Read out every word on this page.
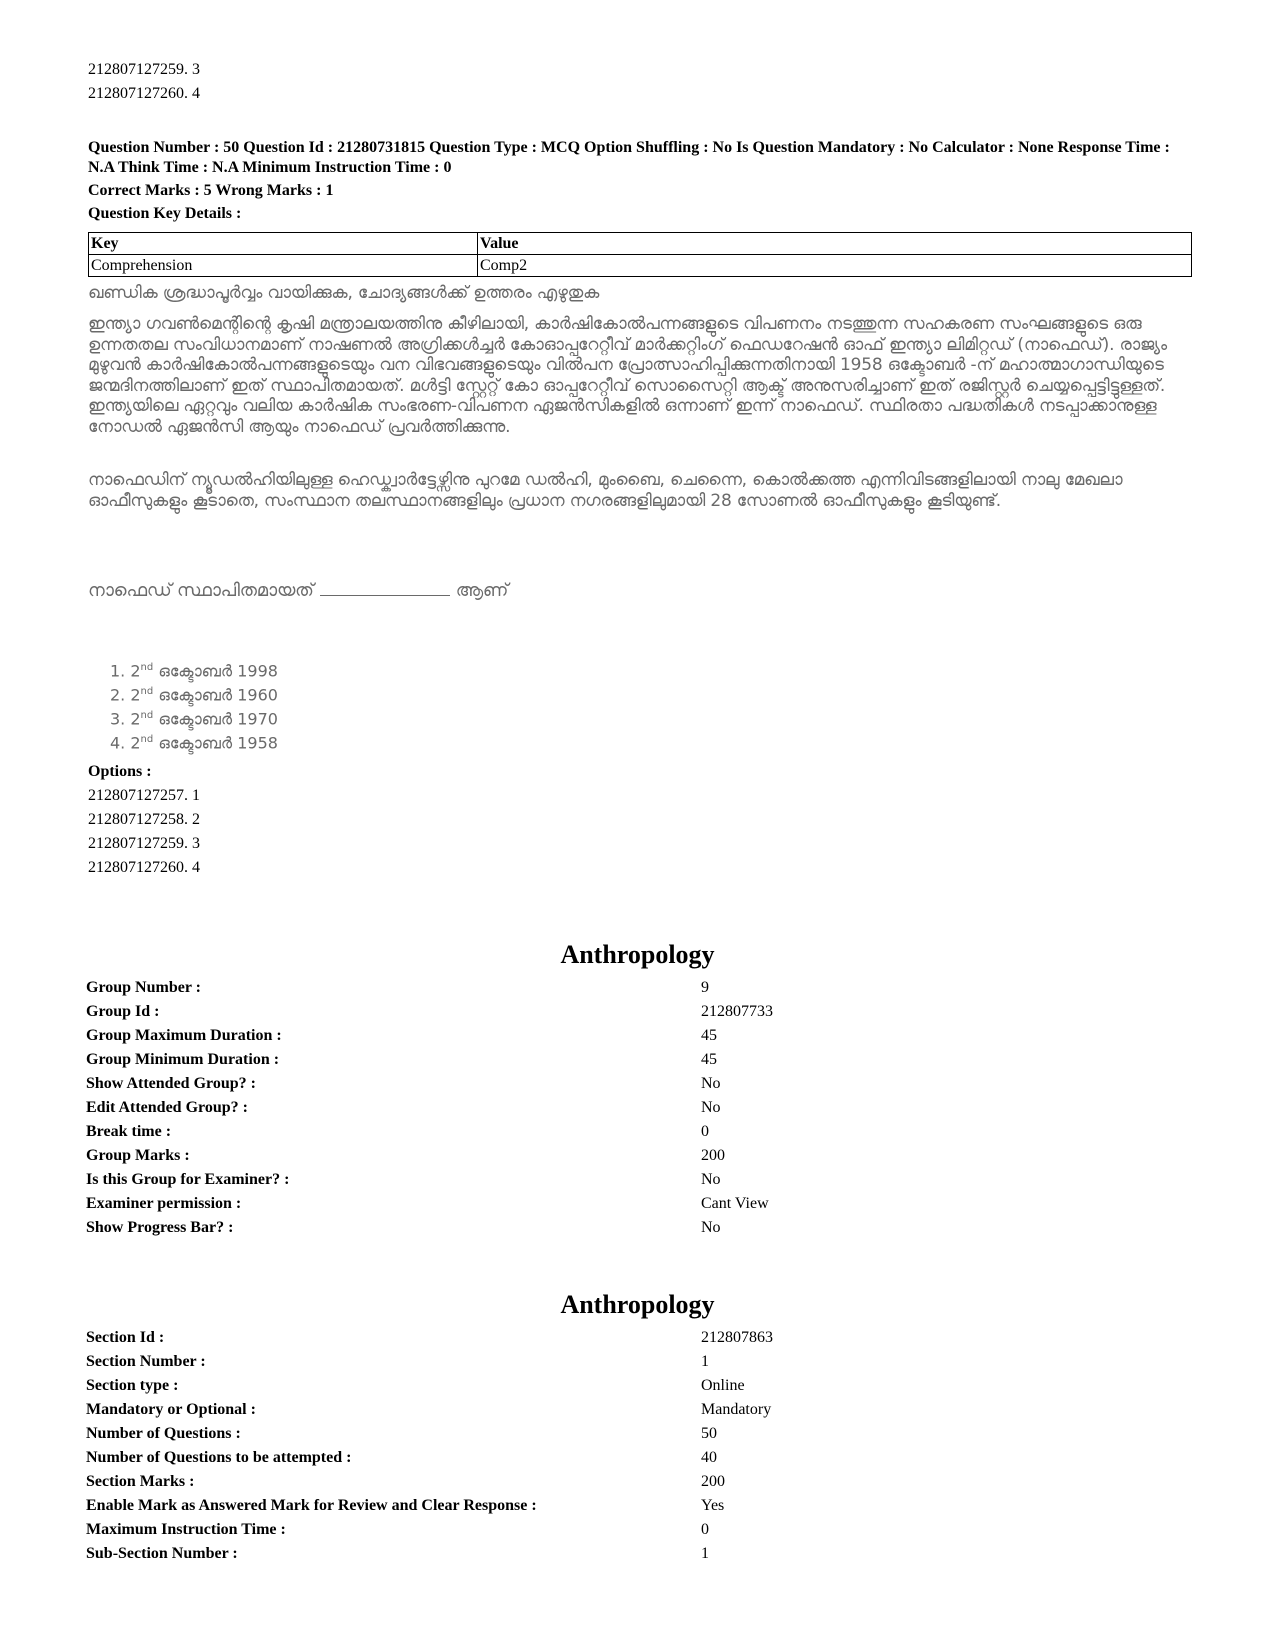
212807127259. 3
212807127260. 4
Question Number : 50 Question Id : 21280731815 Question Type : MCQ Option Shuffling : No Is Question Mandatory : No Calculator : None Response Time : N.A Think Time : N.A Minimum Instruction Time : 0
Correct Marks : 5 Wrong Marks : 1
Question Key Details :
Key	Value
Comprehension	Comp2
ഖണ്ഡിക ശ്രദ്ധാപൂർവ്വം വായിക്കുക, ചോദ്യങ്ങൾക്ക് ഉത്തരം എഴുതുക

ഇന്ത്യാ ഗവൺമെന്റിന്റെ കൃഷി മന്ത്രാലയത്തിനു കീഴിലായി, കാർഷികോൽപന്നങ്ങളുടെ വിപണനം നടത്തുന്ന സഹകരണ സംഘങ്ങളുടെ ഒരു ഉന്നതതല സംവിധാനമാണ് നാഷണൽ അഗ്രിക്കൾച്ചർ കോഓപ്പറേറ്റീവ് മാർക്കറ്റിംഗ് ഫെഡറേഷൻ ഓഫ് ഇന്ത്യാ ലിമിറ്റഡ് (നാഫെഡ്). രാജ്യം മുഴുവൻ കാർഷികോൽപന്നങ്ങളുടെയും വന വിഭവങ്ങളുടെയും വിൽപന പ്രോത്സാഹിപ്പിക്കുന്നതിനായി 1958 ഒക്ടോബർ -ന് മഹാത്മാഗാന്ധിയുടെ ജന്മദിനത്തിലാണ് ഇത് സ്ഥാപിതമായത്. മൾട്ടി സ്റ്റേറ്റ് കോ ഓപ്പറേറ്റീവ് സൊസൈറ്റി ആക്ട് അനുസരിച്ചാണ് ഇത് രജിസ്റ്റർ ചെയ്യപ്പെട്ടിട്ടുള്ളത്. ഇന്ത്യയിലെ ഏറ്റവും വലിയ കാർഷിക സംഭരണ-വിപണന ഏജൻസികളിൽ ഒന്നാണ് ഇന്ന് നാഫെഡ്. സ്ഥിരതാ പദ്ധതികൾ നടപ്പാക്കാനുള്ള നോഡൽ ഏജൻസി ആയും നാഫെഡ് പ്രവർത്തിക്കുന്നു.

നാഫെഡിന് ന്യൂഡൽഹിയിലുള്ള ഹെഡ്ക്വാർട്ടേഴ്സിനു പുറമേ ഡൽഹി, മുംബൈ, ചെന്നൈ, കൊൽക്കത്ത എന്നിവിടങ്ങളിലായി നാലു മേഖലാ ഓഫീസുകളും കൂടാതെ, സംസ്ഥാന തലസ്ഥാനങ്ങളിലും പ്രധാന നഗരങ്ങളിലുമായി 28 സോണൽ ഓഫീസുകളും കൂടിയുണ്ട്.

നാഫെഡ് സ്ഥാപിതമായത്	ആണ്
1. 2nd ഒക്ടോബർ 1998
2. 2nd ഒക്ടോബർ 1960
3. 2nd ഒക്ടോബർ 1970
4. 2nd ഒക്ടോബർ 1958
Options :
212807127257. 1
212807127258. 2
212807127259. 3
212807127260. 4
Anthropology
Group Number :	9
Group Id :	212807733
Group Maximum Duration :	45
Group Minimum Duration :	45
Show Attended Group? :	No
Edit Attended Group? :	No
Break time :	0
Group Marks :	200
Is this Group for Examiner? :	No
Examiner permission :	Cant View
Show Progress Bar? :	No
Anthropology
Section Id :	212807863
Section Number :	1
Section type :	Online
Mandatory or Optional :	Mandatory
Number of Questions :	50
Number of Questions to be attempted :	40
Section Marks :	200
Enable Mark as Answered Mark for Review and Clear Response :	Yes
Maximum Instruction Time :	0
Sub-Section Number :	1
